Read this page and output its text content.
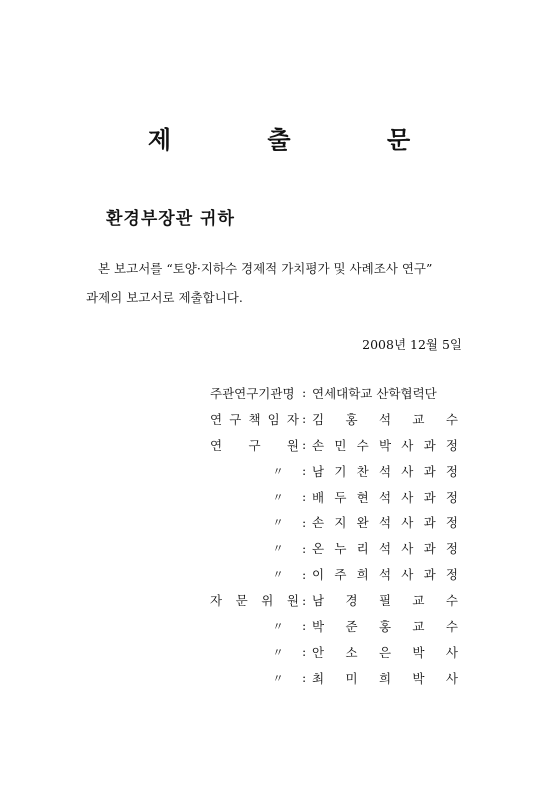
제 출 문
환경부장관 귀하
본 보고서를 “토양·지하수 경제적 가치평가 및 사례조사 연구”
과제의 보고서로 제출합니다.
2008년 12월 5일
주관연구기관명 : 연세대학교 산학협력단
연 구 책 임 자 : 김 홍 석 교 수
연 구 원 : 손 민 수 박 사 과 정
〃	: 남 기 찬 석 사 과 정
〃	: 배 두 현 석 사 과 정
〃	: 손 지 완 석 사 과 정
〃	: 온 누 리 석 사 과 정
〃	: 이 주 희 석 사 과 정
자 문 위 원 : 남 경 필 교 수
〃	: 박 준 홍 교 수
〃	: 안 소 은 박 사
〃	: 최 미 희 박 사
